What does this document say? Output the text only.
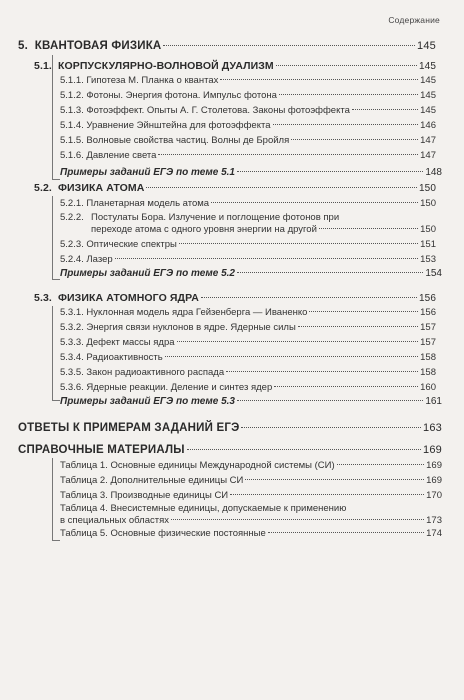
Содержание
5. КВАНТОВАЯ ФИЗИКА	145
5.1. КОРПУСКУЛЯРНО-ВОЛНОВОЙ ДУАЛИЗМ	145
5.1.1. Гипотеза М. Планка о квантах	145
5.1.2. Фотоны. Энергия фотона. Импульс фотона	145
5.1.3. Фотоэффект. Опыты А. Г. Столетова. Законы фотоэффекта	145
5.1.4. Уравнение Эйнштейна для фотоэффекта	146
5.1.5. Волновые свойства частиц. Волны де Бройля	147
5.1.6. Давление света	147
Примеры заданий ЕГЭ по теме 5.1	148
5.2. ФИЗИКА АТОМА	150
5.2.1. Планетарная модель атома	150
5.2.2. Постулаты Бора. Излучение и поглощение фотонов при
переходе атома с одного уровня энергии на другой	150
5.2.3. Оптические спектры	151
5.2.4. Лазер	153
Примеры заданий ЕГЭ по теме 5.2	154
5.3. ФИЗИКА АТОМНОГО ЯДРА	156
5.3.1. Нуклонная модель ядра Гейзенберга — Иваненко	156
5.3.2. Энергия связи нуклонов в ядре. Ядерные силы	157
5.3.3. Дефект массы ядра	157
5.3.4. Радиоактивность	158
5.3.5. Закон радиоактивного распада	158
5.3.6. Ядерные реакции. Деление и синтез ядер	160
Примеры заданий ЕГЭ по теме 5.3	161
ОТВЕТЫ К ПРИМЕРАМ ЗАДАНИЙ ЕГЭ	163
СПРАВОЧНЫЕ МАТЕРИАЛЫ	169
Таблица 1. Основные единицы Международной системы (СИ)	169
Таблица 2. Дополнительные единицы СИ	169
Таблица 3. Производные единицы СИ	170
Таблица 4. Внесистемные единицы, допускаемые к применению
в специальных областях	173
Таблица 5. Основные физические постоянные	174
